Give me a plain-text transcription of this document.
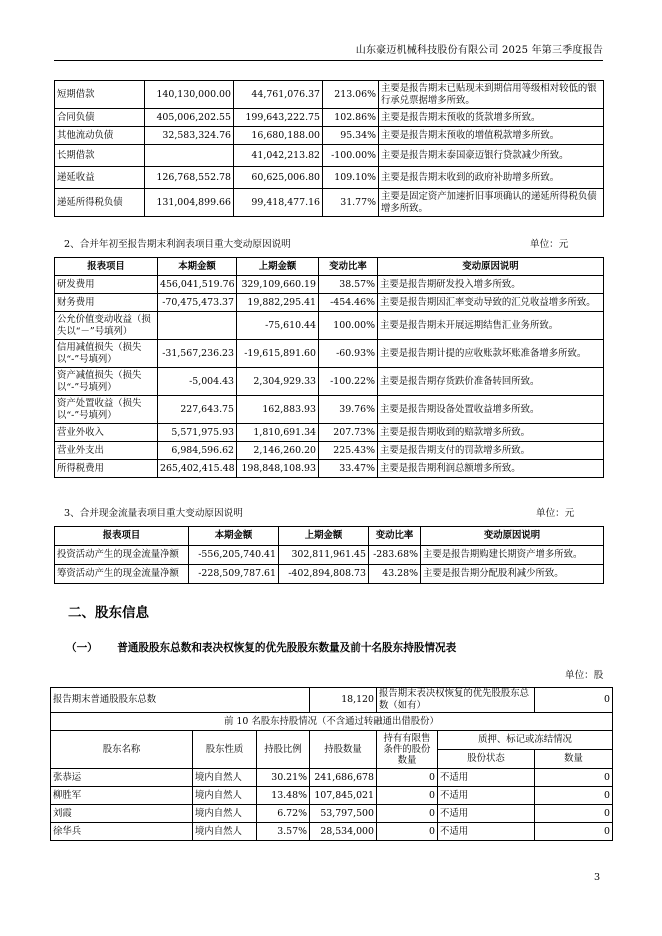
山东豪迈机械科技股份有限公司 2025 年第三季度报告
短期借款	140,130,000.00	44,761,076.37	213.06%	主要是报告期末已贴现未到期信用等级相对较低的银行承兑票据增多所致。
合同负债	405,006,202.55	199,643,222.75	102.86%	主要是报告期末预收的货款增多所致。
其他流动负债	32,583,324.76	16,680,188.00	95.34%	主要是报告期末预收的增值税款增多所致。
长期借款		41,042,213.82	-100.00%	主要是报告期末泰国豪迈银行贷款减少所致。
递延收益	126,768,552.78	60,625,006.80	109.10%	主要是报告期末收到的政府补助增多所致。
递延所得税负债	131,004,899.66	99,418,477.16	31.77%	主要是固定资产加速折旧事项确认的递延所得税负债增多所致。
2、合并年初至报告期末利润表项目重大变动原因说明	单位：元
报表项目	本期金额	上期金额	变动比率	变动原因说明
研发费用	456,041,519.76	329,109,660.19	38.57%	主要是报告期研发投入增多所致。
财务费用	-70,475,473.37	19,882,295.41	-454.46%	主要是报告期因汇率变动导致的汇兑收益增多所致。
公允价值变动收益（损失以“－”号填列）		-75,610.44	100.00%	主要是报告期未开展远期结售汇业务所致。
信用减值损失（损失以“-”号填列）	-31,567,236.23	-19,615,891.60	-60.93%	主要是报告期计提的应收账款坏账准备增多所致。
资产减值损失（损失以“-”号填列）	-5,004.43	2,304,929.33	-100.22%	主要是报告期存货跌价准备转回所致。
资产处置收益（损失以“-”号填列）	227,643.75	162,883.93	39.76%	主要是报告期设备处置收益增多所致。
营业外收入	5,571,975.93	1,810,691.34	207.73%	主要是报告期收到的赔款增多所致。
营业外支出	6,984,596.62	2,146,260.20	225.43%	主要是报告期支付的罚款增多所致。
所得税费用	265,402,415.48	198,848,108.93	33.47%	主要是报告期利润总额增多所致。
3、合并现金流量表项目重大变动原因说明	单位：元
报表项目	本期金额	上期金额	变动比率	变动原因说明
投资活动产生的现金流量净额	-556,205,740.41	302,811,961.45	-283.68%	主要是报告期购建长期资产增多所致。
筹资活动产生的现金流量净额	-228,509,787.61	-402,894,808.73	43.28%	主要是报告期分配股利减少所致。
二、股东信息
（一） 普通股股东总数和表决权恢复的优先股股东数量及前十名股东持股情况表
单位：股
报告期末普通股股东总数			18,120	报告期末表决权恢复的优先股股东总数（如有）		0
前 10 名股东持股情况（不含通过转融通出借股份）						
股东名称	股东性质	持股比例	持股数量	持有有限售条件的股份数量	质押、标记或冻结情况	
					股份状态	数量
张恭运	境内自然人	30.21%	241,686,678	0	不适用	0
柳胜军	境内自然人	13.48%	107,845,021	0	不适用	0
刘霞	境内自然人	6.72%	53,797,500	0	不适用	0
徐华兵	境内自然人	3.57%	28,534,000	0	不适用	0
3
